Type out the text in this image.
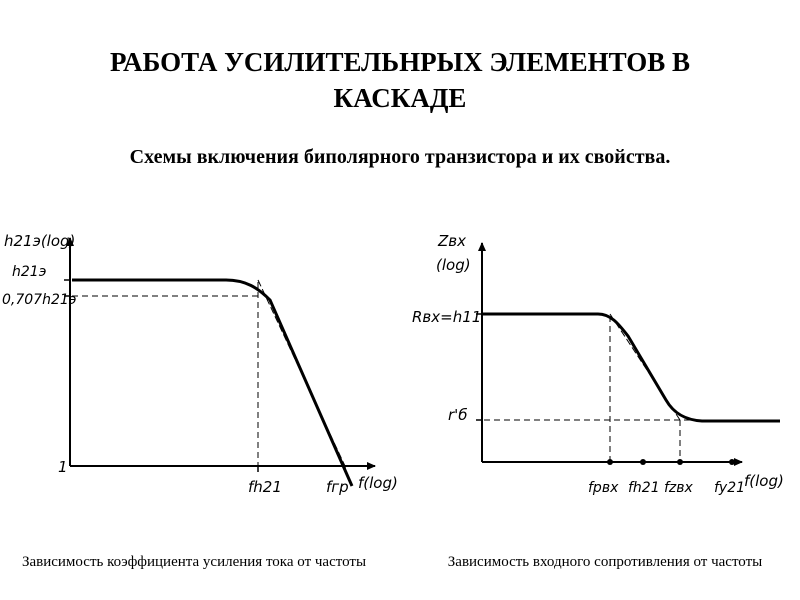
РАБОТА УСИЛИТЕЛЬНРЫХ ЭЛЕМЕНТОВ В
КАСКАДЕ
Схемы включения биполярного транзистора и их свойства.
h21э(log)
h21э
0,707h21э
1
fh21	fгр f(log)
Zвх
(log)
Rвх=h11
r'б
fрвх fh21 fzвх fy21
f(log)
Зависимость коэффициента усиления тока от частоты	Зависимость входного сопротивления от частоты
